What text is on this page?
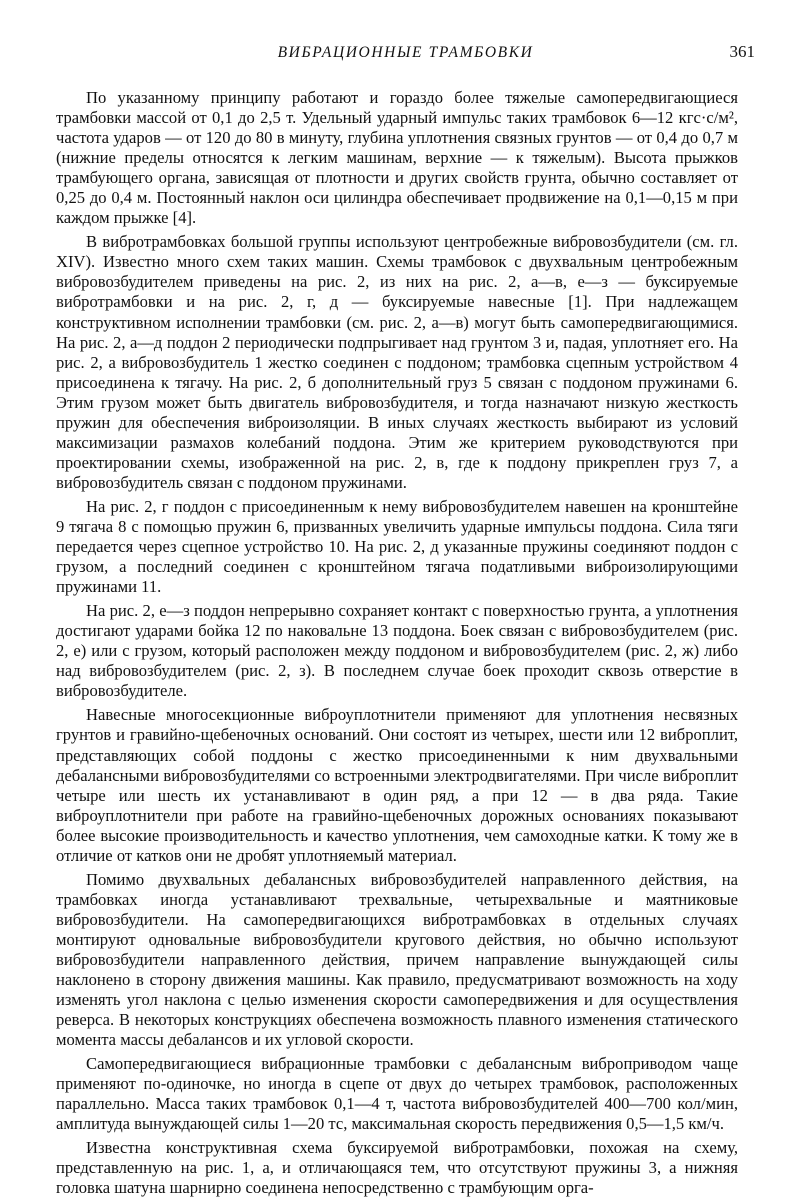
ВИБРАЦИОННЫЕ ТРАМБОВКИ	361

По указанному принципу работают и гораздо более тяжелые самопередвигающиеся трамбовки массой от 0,1 до 2,5 т. Удельный ударный импульс таких трамбовок 6—12 кгс·с/м², частота ударов — от 120 до 80 в минуту, глубина уплотнения связных грунтов — от 0,4 до 0,7 м (нижние пределы относятся к легким машинам, верхние — к тяжелым). Высота прыжков трамбующего органа, зависящая от плотности и других свойств грунта, обычно составляет от 0,25 до 0,4 м. Постоянный наклон оси цилиндра обеспечивает продвижение на 0,1—0,15 м при каждом прыжке [4].

В вибротрамбовках большой группы используют центробежные вибровозбудители (см. гл. XIV). Известно много схем таких машин. Схемы трамбовок с двухвальным центробежным вибровозбудителем приведены на рис. 2, из них на рис. 2, а—в, е—з — буксируемые вибротрамбовки и на рис. 2, г, д — буксируемые навесные [1]. При надлежащем конструктивном исполнении трамбовки (см. рис. 2, а—в) могут быть самопередвигающимися. На рис. 2, а—д поддон 2 периодически подпрыгивает над грунтом 3 и, падая, уплотняет его. На рис. 2, а вибровозбудитель 1 жестко соединен с поддоном; трамбовка сцепным устройством 4 присоединена к тягачу. На рис. 2, б дополнительный груз 5 связан с поддоном пружинами 6. Этим грузом может быть двигатель вибровозбудителя, и тогда назначают низкую жесткость пружин для обеспечения виброизоляции. В иных случаях жесткость выбирают из условий максимизации размахов колебаний поддона. Этим же критерием руководствуются при проектировании схемы, изображенной на рис. 2, в, где к поддону прикреплен груз 7, а вибровозбудитель связан с поддоном пружинами.

На рис. 2, г поддон с присоединенным к нему вибровозбудителем навешен на кронштейне 9 тягача 8 с помощью пружин 6, призванных увеличить ударные импульсы поддона. Сила тяги передается через сцепное устройство 10. На рис. 2, д указанные пружины соединяют поддон с грузом, а последний соединен с кронштейном тягача податливыми виброизолирующими пружинами 11.

На рис. 2, е—з поддон непрерывно сохраняет контакт с поверхностью грунта, а уплотнения достигают ударами бойка 12 по наковальне 13 поддона. Боек связан с вибровозбудителем (рис. 2, е) или с грузом, который расположен между поддоном и вибровозбудителем (рис. 2, ж) либо над вибровозбудителем (рис. 2, з). В последнем случае боек проходит сквозь отверстие в вибровозбудителе.

Навесные многосекционные виброуплотнители применяют для уплотнения несвязных грунтов и гравийно-щебеночных оснований. Они состоят из четырех, шести или 12 виброплит, представляющих собой поддоны с жестко присоединенными к ним двухвальными дебалансными вибровозбудителями со встроенными электродвигателями. При числе виброплит четыре или шесть их устанавливают в один ряд, а при 12 — в два ряда. Такие виброуплотнители при работе на гравийно-щебеночных дорожных основаниях показывают более высокие производительность и качество уплотнения, чем самоходные катки. К тому же в отличие от катков они не дробят уплотняемый материал.

Помимо двухвальных дебалансных вибровозбудителей направленного действия, на трамбовках иногда устанавливают трехвальные, четырехвальные и маятниковые вибровозбудители. На самопередвигающихся вибротрамбовках в отдельных случаях монтируют одновальные вибровозбудители кругового действия, но обычно используют вибровозбудители направленного действия, причем направление вынуждающей силы наклонено в сторону движения машины. Как правило, предусматривают возможность на ходу изменять угол наклона с целью изменения скорости самопередвижения и для осуществления реверса. В некоторых конструкциях обеспечена возможность плавного изменения статического момента массы дебалансов и их угловой скорости.

Самопередвигающиеся вибрационные трамбовки с дебалансным виброприводом чаще применяют по-одиночке, но иногда в сцепе от двух до четырех трамбовок, расположенных параллельно. Масса таких трамбовок 0,1—4 т, частота вибровозбудителей 400—700 кол/мин, амплитуда вынуждающей силы 1—20 тс, максимальная скорость передвижения 0,5—1,5 км/ч.

Известна конструктивная схема буксируемой вибротрамбовки, похожая на схему, представленную на рис. 1, а, и отличающаяся тем, что отсутствуют пружины 3, а нижняя головка шатуна шарнирно соединена непосредственно с трамбующим орга-
